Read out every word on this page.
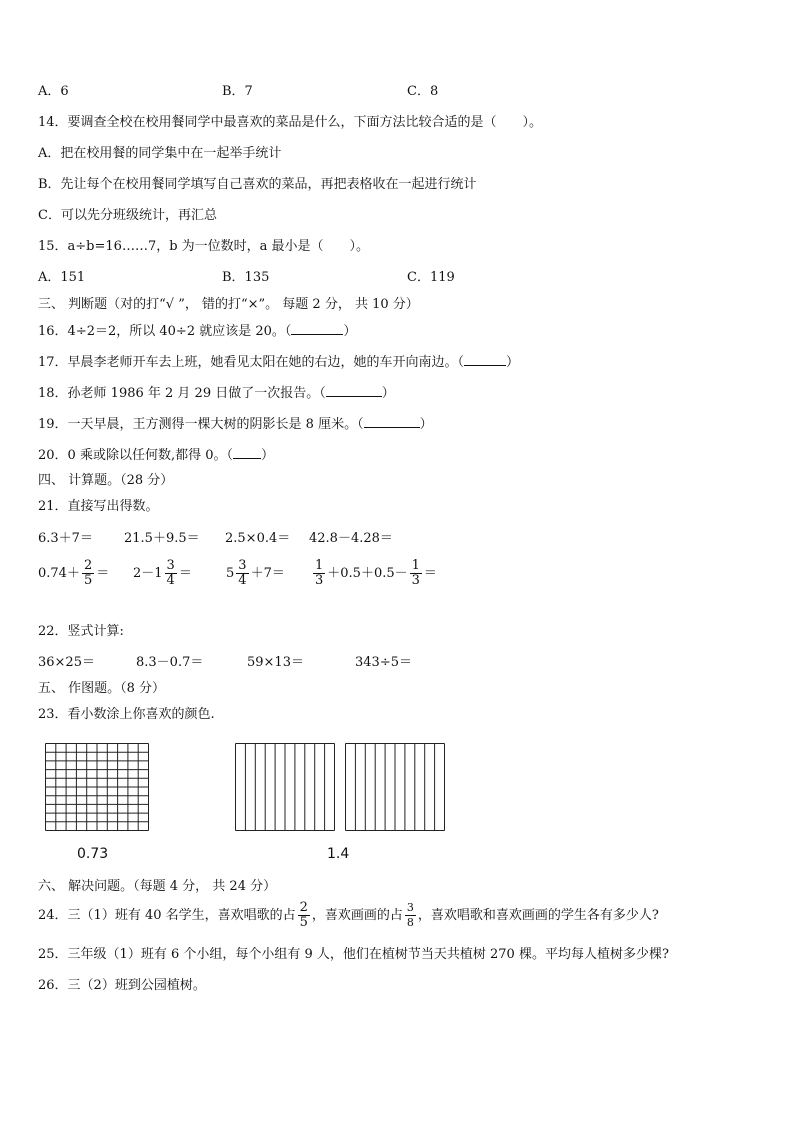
A．6	B．7	C．8
14．要调查全校在校用餐同学中最喜欢的菜品是什么，下面方法比较合适的是（　　）。
A．把在校用餐的同学集中在一起举手统计
B．先让每个在校用餐同学填写自己喜欢的菜品，再把表格收在一起进行统计
C．可以先分班级统计，再汇总
15．a÷b=16……7，b 为一位数时，a 最小是（　　）。
A．151	B．135	C．119
三、 判断题（对的打“√ ”， 错的打“×”。 每题 2 分， 共 10 分）
16．4÷2＝2，所以 40÷2 就应该是 20。（	）
17．早晨李老师开车去上班，她看见太阳在她的右边，她的车开向南边。（	）
18．孙老师 1986 年 2 月 29 日做了一次报告。（	）
19．一天早晨，王方测得一棵大树的阴影长是 8 厘米。（	）
20．0 乘或除以任何数,都得 0。（ ）
四、 计算题。（28 分）
21．直接写出得数。
6.3＋7＝ 21.5＋9.5＝ 2.5×0.4＝ 42.8－4.28＝
$0.74+ \frac{2}{5} = 2-1 \frac{3}{4}$ ＝	$5 \frac{3}{4} +7= \frac{1}{3} +0.5+0.5- \frac{1}{3}$ ＝
22．竖式计算:
36×25＝	8.3－0.7＝	59×13＝	343÷5＝
五、 作图题。（8 分）
23．看小数涂上你喜欢的颜色.
0.73	1.4
六、 解决问题。（每题 4 分， 共 24 分）
24．三（1）班有 40 名学生，喜欢唱歌的占 $\frac{2}{5}$ ，喜欢画画的占 $\frac{3}{8}$ ，喜欢唱歌和喜欢画画的学生各有多少人?
25．三年级（1）班有 6 个小组，每个小组有 9 人，他们在植树节当天共植树 270 棵。平均每人植树多少棵?
26．三（2）班到公园植树。
